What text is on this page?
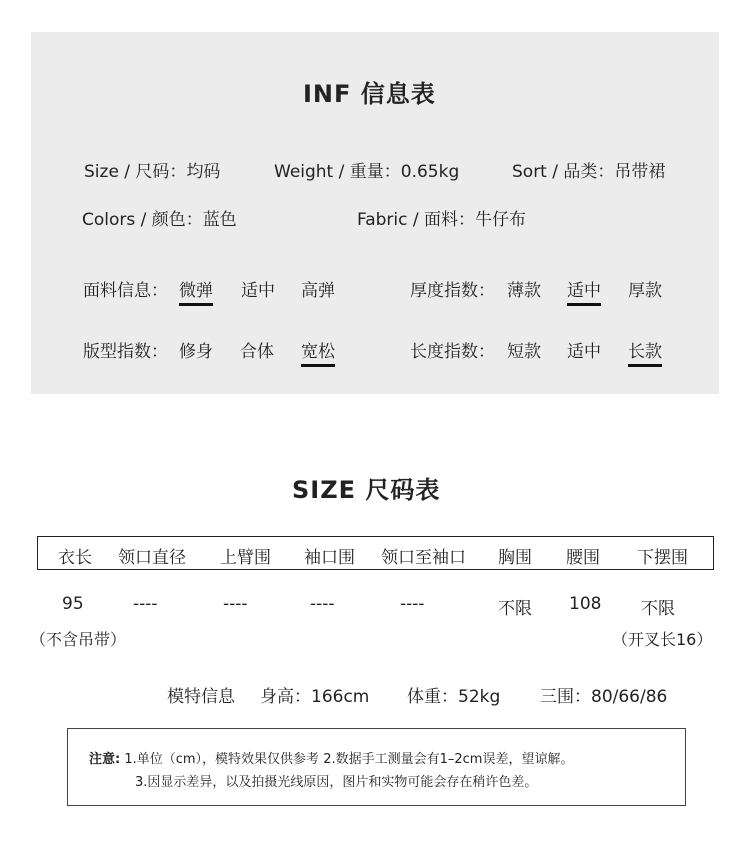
INF 信息表
Size / 尺码：均码	Weight / 重量：0.65kg	Sort / 品类：吊带裙
Colors / 颜色：蓝色	Fabric / 面料：牛仔布
面料信息： 微弹 适中 高弹	厚度指数： 薄款 适中 厚款
版型指数： 修身 合体 宽松	长度指数： 短款 适中 长款
SIZE 尺码表
衣长 领口直径 上臂围 袖口围 领口至袖口 胸围 腰围 下摆围
95	----	----	----	----	不限 108 不限
（不含吊带）	（开叉长16）
模特信息 身高：166cm 体重：52kg 三围：80/66/86
注意: 1.单位（cm），模特效果仅供参考 2.数据手工测量会有1–2cm误差，望谅解。
3.因显示差异，以及拍摄光线原因，图片和实物可能会存在稍许色差。
